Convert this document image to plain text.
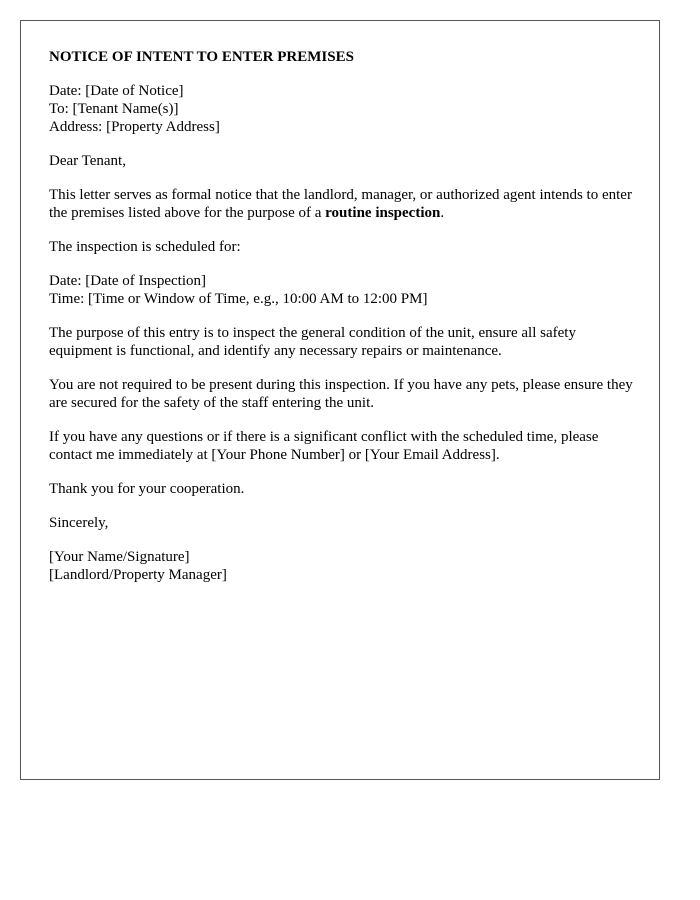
NOTICE OF INTENT TO ENTER PREMISES
Date: [Date of Notice]
To: [Tenant Name(s)]
Address: [Property Address]

Dear Tenant,

This letter serves as formal notice that the landlord, manager, or authorized agent intends to enter the premises listed above for the purpose of a routine inspection.

The inspection is scheduled for:

Date: [Date of Inspection]
Time: [Time or Window of Time, e.g., 10:00 AM to 12:00 PM]

The purpose of this entry is to inspect the general condition of the unit, ensure all safety equipment is functional, and identify any necessary repairs or maintenance.

You are not required to be present during this inspection. If you have any pets, please ensure they are secured for the safety of the staff entering the unit.

If you have any questions or if there is a significant conflict with the scheduled time, please contact me immediately at [Your Phone Number] or [Your Email Address].

Thank you for your cooperation.

Sincerely,

[Your Name/Signature]
[Landlord/Property Manager]
